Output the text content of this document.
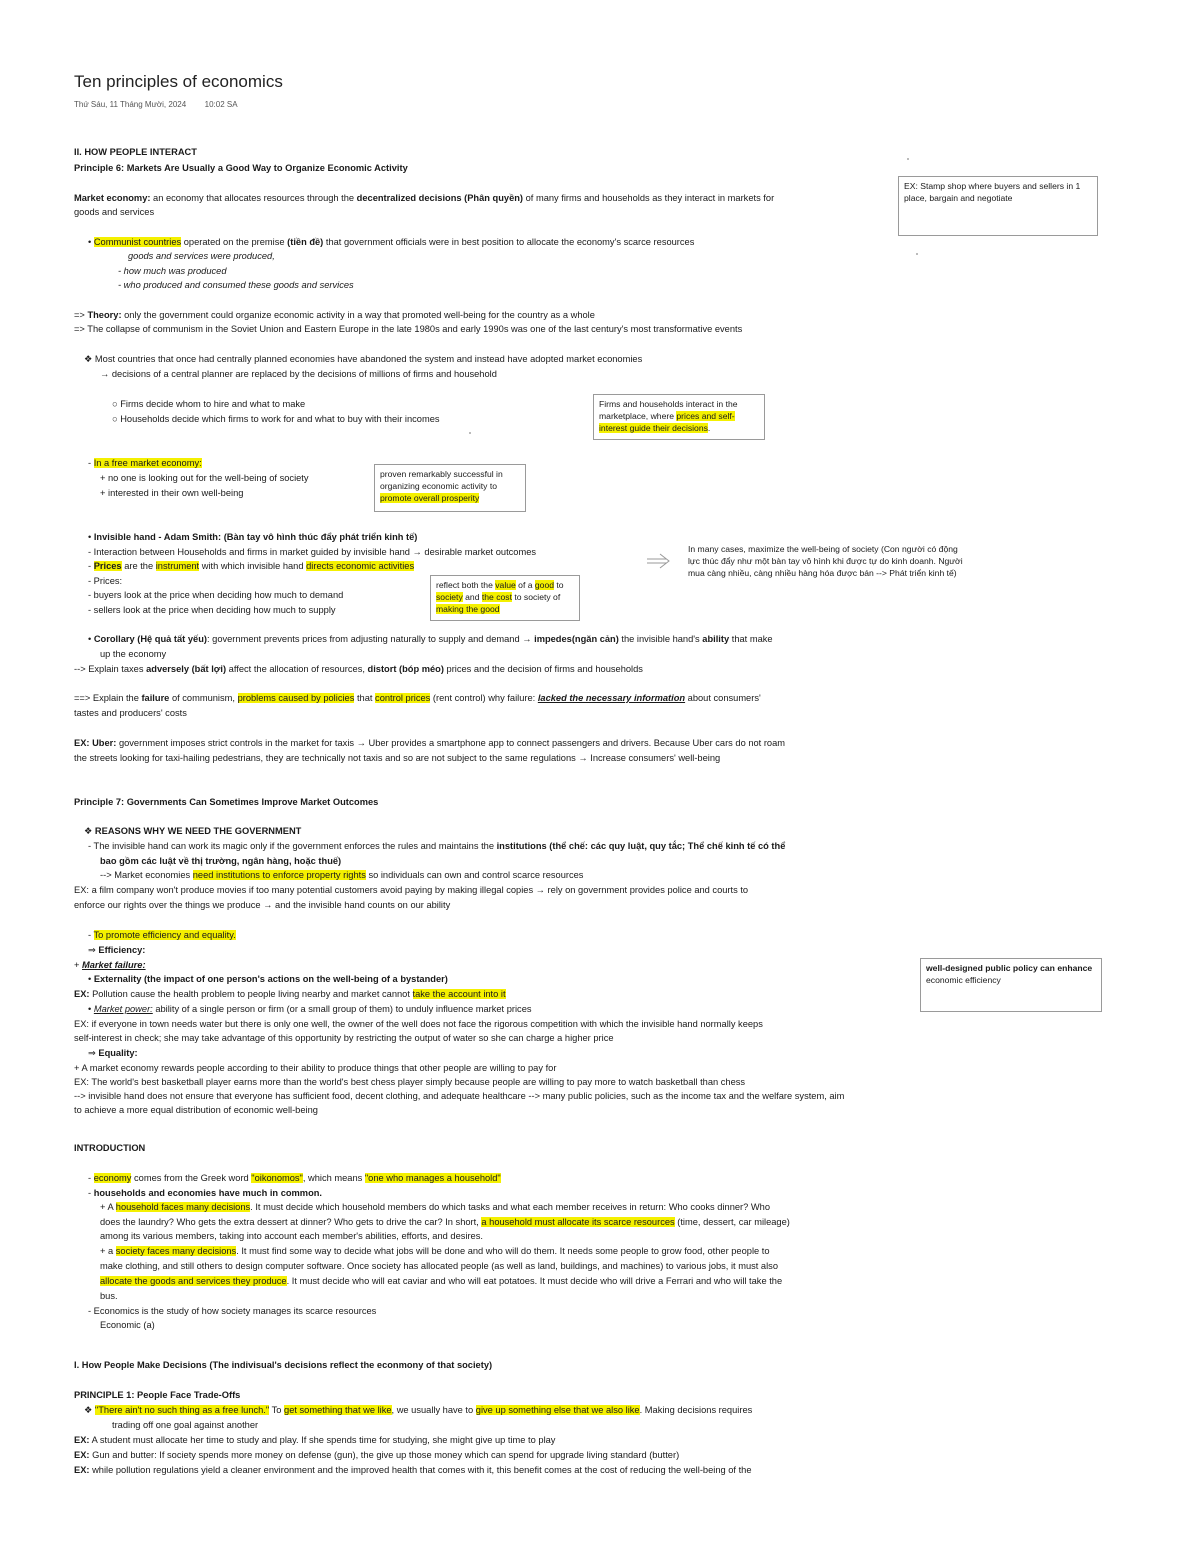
Ten principles of economics
Thứ Sáu, 11 Tháng Mười, 2024 10:02 SA
II. HOW PEOPLE INTERACT
Principle 6: Markets Are Usually a Good Way to Organize Economic Activity
Market economy: an economy that allocates resources through the decentralized decisions (Phân quyền) of many firms and households as they interact in markets for
goods and services
• Communist countries operated on the premise (tiền đề) that government officials were in best position to allocate the economy's scarce resources
goods and services were produced,
- how much was produced
- who produced and consumed these goods and services
=> Theory: only the government could organize economic activity in a way that promoted well-being for the country as a whole
=> The collapse of communism in the Soviet Union and Eastern Europe in the late 1980s and early 1990s was one of the last century's most transformative events
❖ Most countries that once had centrally planned economies have abandoned the system and instead have adopted market economies
→ decisions of a central planner are replaced by the decisions of millions of firms and household
○ Firms decide whom to hire and what to make
○ Households decide which firms to work for and what to buy with their incomes
- In a free market economy:
+ no one is looking out for the well-being of society
+ interested in their own well-being
• Invisible hand - Adam Smith: (Bàn tay vô hình thúc đẩy phát triển kinh tế)
- Interaction between Households and firms in market guided by invisible hand → desirable market outcomes
- Prices are the instrument with which invisible hand directs economic activities
- Prices:
- buyers look at the price when deciding how much to demand
- sellers look at the price when deciding how much to supply
• Corollary (Hệ quả tất yếu): government prevents prices from adjusting naturally to supply and demand → impedes(ngăn cản) the invisible hand's ability that make
up the economy
--> Explain taxes adversely (bất lợi) affect the allocation of resources, distort (bóp méo) prices and the decision of firms and households
==> Explain the failure of communism, problems caused by policies that control prices (rent control) why failure: lacked the necessary information about consumers'
tastes and producers' costs
EX: Uber: government imposes strict controls in the market for taxis → Uber provides a smartphone app to connect passengers and drivers. Because Uber cars do not roam
the streets looking for taxi-hailing pedestrians, they are technically not taxis and so are not subject to the same regulations → Increase consumers' well-being
Principle 7: Governments Can Sometimes Improve Market Outcomes
❖ REASONS WHY WE NEED THE GOVERNMENT
- The invisible hand can work its magic only if the government enforces the rules and maintains the institutions (thể chế: các quy luật, quy tắc; Thể chế kinh tế có thể
bao gồm các luật về thị trường, ngân hàng, hoặc thuế)
--> Market economies need institutions to enforce property rights so individuals can own and control scarce resources
EX: a film company won't produce movies if too many potential customers avoid paying by making illegal copies → rely on government provides police and courts to
enforce our rights over the things we produce → and the invisible hand counts on our ability
- To promote efficiency and equality.
⇒ Efficiency:
+ Market failure:
• Externality (the impact of one person's actions on the well-being of a bystander)
EX: Pollution cause the health problem to people living nearby and market cannot take the account into it
• Market power: ability of a single person or firm (or a small group of them) to unduly influence market prices
EX: if everyone in town needs water but there is only one well, the owner of the well does not face the rigorous competition with which the invisible hand normally keeps
self-interest in check; she may take advantage of this opportunity by restricting the output of water so she can charge a higher price
⇒ Equality:
+ A market economy rewards people according to their ability to produce things that other people are willing to pay for
EX: The world's best basketball player earns more than the world's best chess player simply because people are willing to pay more to watch basketball than chess
--> invisible hand does not ensure that everyone has sufficient food, decent clothing, and adequate healthcare --> many public policies, such as the income tax and the welfare system, aim
to achieve a more equal distribution of economic well-being
INTRODUCTION
- economy comes from the Greek word "oikonomos", which means "one who manages a household"
- households and economies have much in common.
+ A household faces many decisions. It must decide which household members do which tasks and what each member receives in return: Who cooks dinner? Who
does the laundry? Who gets the extra dessert at dinner? Who gets to drive the car? In short, a household must allocate its scarce resources (time, dessert, car mileage)
among its various members, taking into account each member's abilities, efforts, and desires.
+ a society faces many decisions. It must find some way to decide what jobs will be done and who will do them. It needs some people to grow food, other people to
make clothing, and still others to design computer software. Once society has allocated people (as well as land, buildings, and machines) to various jobs, it must also
allocate the goods and services they produce. It must decide who will eat caviar and who will eat potatoes. It must decide who will drive a Ferrari and who will take the
bus.
- Economics is the study of how society manages its scarce resources
Economic (a)
I. How People Make Decisions (The indivisual's decisions reflect the econmony of that society)
PRINCIPLE 1: People Face Trade-Offs
❖ "There ain't no such thing as a free lunch." To get something that we like, we usually have to give up something else that we also like. Making decisions requires
trading off one goal against another
EX: A student must allocate her time to study and play. If she spends time for studying, she might give up time to play
EX: Gun and butter: If society spends more money on defense (gun), the give up those money which can spend for upgrade living standard (butter)
EX: while pollution regulations yield a cleaner environment and the improved health that comes with it, this benefit comes at the cost of reducing the well-being of the
EX: Stamp shop where buyers and sellers in 1 place, bargain and negotiate
Firms and households interact in the marketplace, where prices and self-interest guide their decisions.
proven remarkably successful in organizing economic activity to promote overall prosperity
In many cases, maximize the well-being of society (Con người có động lực thúc đẩy như một bàn tay vô hình khi được tự do kinh doanh. Người mua càng nhiều, càng nhiều hàng hóa được bán --> Phát triển kinh tế)
reflect both the value of a good to society and the cost to society of making the good
well-designed public policy can enhance economic efficiency
